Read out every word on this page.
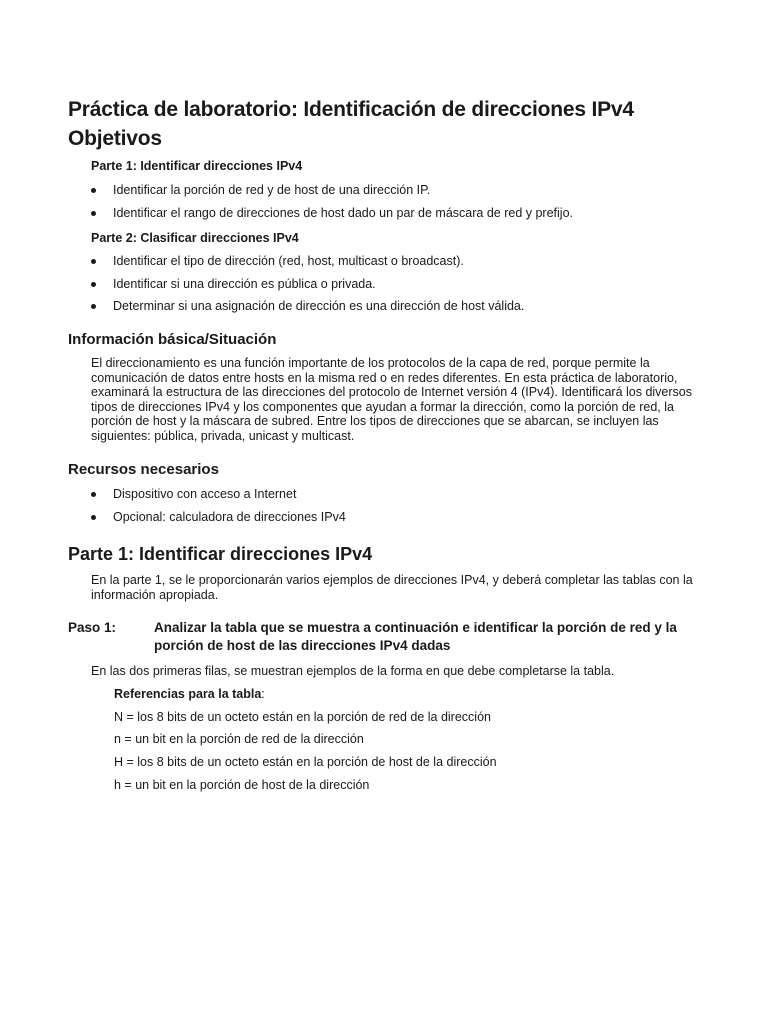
Práctica de laboratorio: Identificación de direcciones IPv4
Objetivos

Parte 1: Identificar direcciones IPv4

Identificar la porción de red y de host de una dirección IP.
Identificar el rango de direcciones de host dado un par de máscara de red y prefijo.

Parte 2: Clasificar direcciones IPv4

Identificar el tipo de dirección (red, host, multicast o broadcast).
Identificar si una dirección es pública o privada.
Determinar si una asignación de dirección es una dirección de host válida.
Información básica/Situación

El direccionamiento es una función importante de los protocolos de la capa de red, porque permite la comunicación de datos entre hosts en la misma red o en redes diferentes. En esta práctica de laboratorio, examinará la estructura de las direcciones del protocolo de Internet versión 4 (IPv4). Identificará los diversos tipos de direcciones IPv4 y los componentes que ayudan a formar la dirección, como la porción de red, la porción de host y la máscara de subred. Entre los tipos de direcciones que se abarcan, se incluyen las siguientes: pública, privada, unicast y multicast.

Recursos necesarios
Dispositivo con acceso a Internet
Opcional: calculadora de direcciones IPv4
Parte 1: Identificar direcciones IPv4

En la parte 1, se le proporcionarán varios ejemplos de direcciones IPv4, y deberá completar las tablas con la información apropiada.

Paso 1:	Analizar la tabla que se muestra a continuación e identificar la porción de red y la porción de host de las direcciones IPv4 dadas

En las dos primeras filas, se muestran ejemplos de la forma en que debe completarse la tabla.

Referencias para la tabla:

N = los 8 bits de un octeto están en la porción de red de la dirección

n = un bit en la porción de red de la dirección

H = los 8 bits de un octeto están en la porción de host de la dirección

h = un bit en la porción de host de la dirección
